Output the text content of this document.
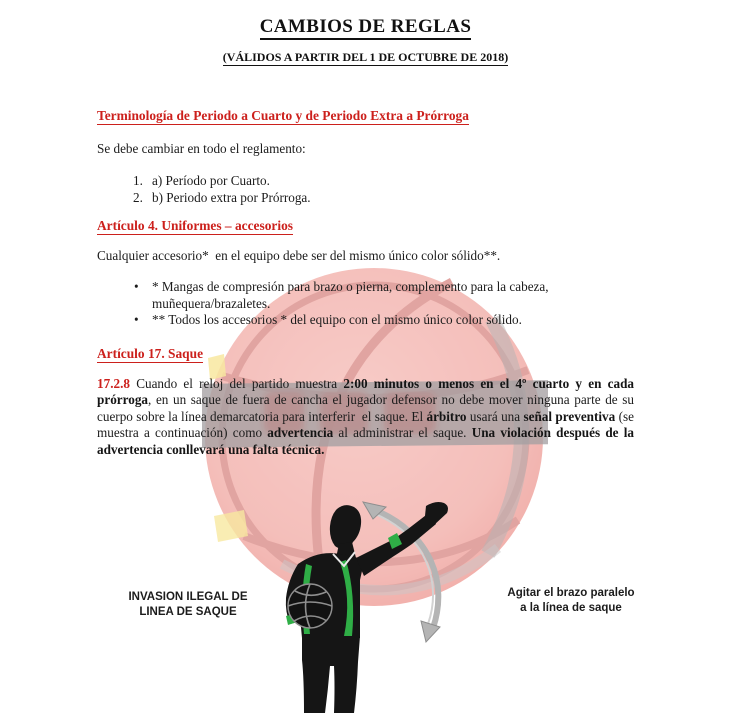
CAMBIOS DE REGLAS
(VÁLIDOS A PARTIR DEL 1 DE OCTUBRE DE 2018)
Terminología de Periodo a Cuarto y de Periodo Extra a Prórroga
Se debe cambiar en todo el reglamento:
1. a) Período por Cuarto.
2. b) Periodo extra por Prórroga.
Artículo 4. Uniformes – accesorios
Cualquier accesorio*  en el equipo debe ser del mismo único color sólido**.
•	* Mangas de compresión para brazo o pierna, complemento para la cabeza, muñequera/brazaletes.
•	** Todos los accesorios * del equipo con el mismo único color sólido.
Artículo 17. Saque

17.2.8 Cuando el reloj del partido muestra 2:00 minutos o menos en el 4º cuarto y en cada prórroga, en un saque de fuera de cancha el jugador defensor no debe mover ninguna parte de su cuerpo sobre la línea demarcatoria para interferir  el saque. El árbitro usará una señal preventiva (se muestra a continuación) como advertencia al administrar el saque. Una violación después de la advertencia conllevará una falta técnica.

INVASION ILEGAL DE
LINEA DE SAQUE
Agitar el brazo paralelo
a la línea de saque
